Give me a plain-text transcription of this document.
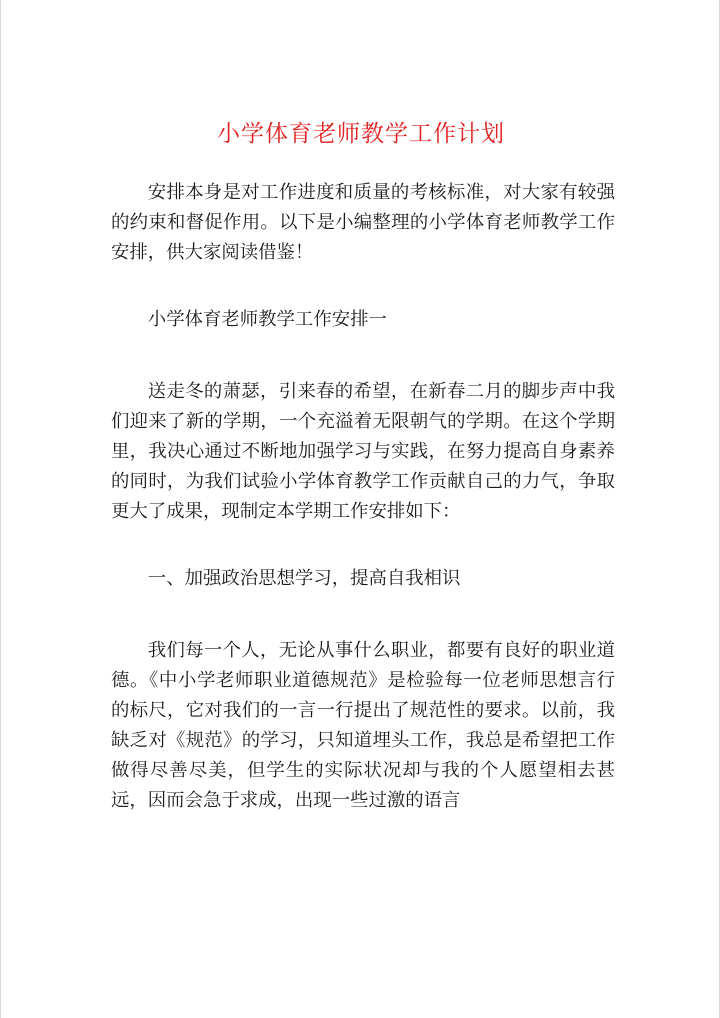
小学体育老师教学工作计划

安排本身是对工作进度和质量的考核标准，对大家有较强的约束和督促作用。以下是小编整理的小学体育老师教学工作安排，供大家阅读借鉴！

小学体育老师教学工作安排一

送走冬的萧瑟，引来春的希望，在新春二月的脚步声中我们迎来了新的学期，一个充溢着无限朝气的学期。在这个学期里，我决心通过不断地加强学习与实践，在努力提高自身素养的同时，为我们试验小学体育教学工作贡献自己的力气，争取更大了成果，现制定本学期工作安排如下：

一、加强政治思想学习，提高自我相识

我们每一个人，无论从事什么职业，都要有良好的职业道德。《中小学老师职业道德规范》是检验每一位老师思想言行的标尺，它对我们的一言一行提出了规范性的要求。以前，我缺乏对《规范》的学习，只知道埋头工作，我总是希望把工作做得尽善尽美，但学生的实际状况却与我的个人愿望相去甚远，因而会急于求成，出现一些过激的语言
